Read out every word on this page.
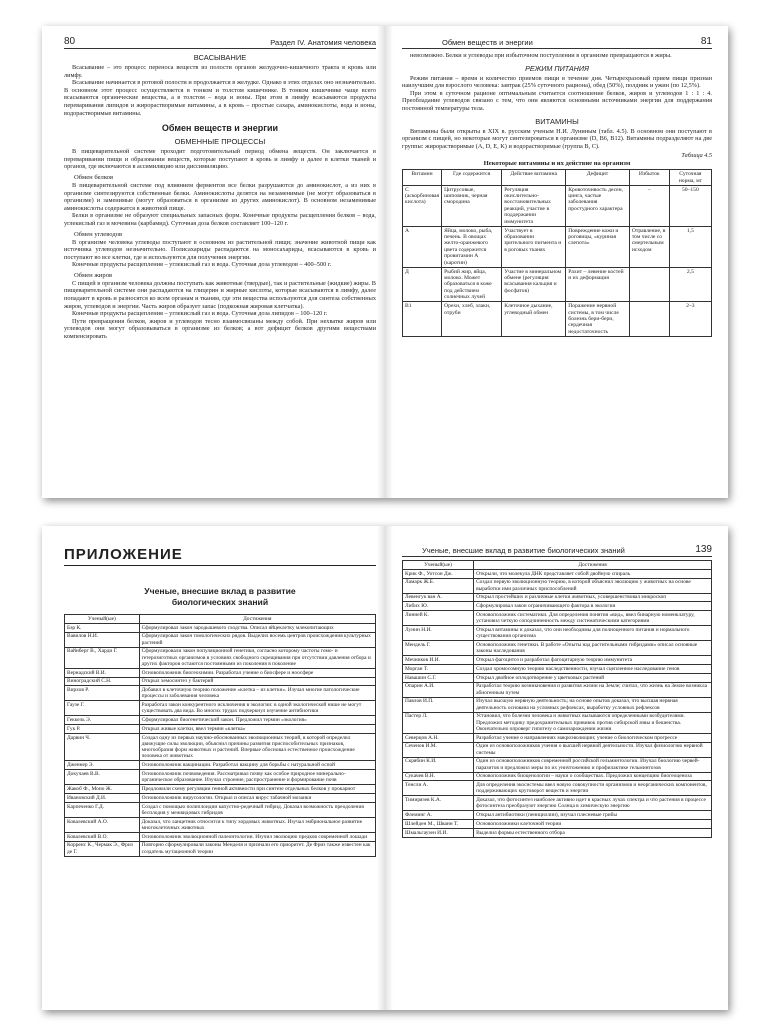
80	Раздел IV. Анатомия человека
ВСАСЫВАНИЕ

Всасывание – это процесс переноса веществ из полости органов желудочно-кишечного тракта в кровь или лимфу.

Всасывание начинается в ротовой полости и продолжается в желудке. Однако в этих отделах оно незначительно. В основном этот процесс осуществляется в тонком и толстом кишечнике. В тонком кишечнике чаще всего всасываются органические вещества, а в толстом – вода и ионы. При этом в лимфу всасываются продукты переваривания липидов и жирорастворимые витамины, а в кровь – простые сахара, аминокислоты, вода и ионы, водорастворимые витамины.

Обмен веществ и энергии
ОБМЕННЫЕ ПРОЦЕССЫ

В пищеварительной системе проходит подготовительный период обмена веществ. Он заключается в переваривании пищи и образовании веществ, которые поступают в кровь и лимфу и далее в клетки тканей и органов, где включаются в ассимиляцию или диссимиляцию.

Обмен белков

В пищеварительной системе под влиянием ферментов все белки разрушаются до аминокислот, а из них в организме синтезируются собственные белки. Аминокислоты делятся на незаменимые (не могут образоваться в организме) и заменимые (могут образоваться в организме из других аминокислот). В основном незаменимые аминокислоты содержатся в животной пище.

Белки в организме не образуют специальных запасных форм. Конечные продукты расщепления белков – вода, углекислый газ и мочевина (карбамид). Суточная доза белков составляет 100–120 г.

Обмен углеводов

В организме человека углеводы поступают в основном из растительной пищи; значение животной пищи как источника углеводов незначительно. Полисахариды распадаются на моносахариды, всасываются в кровь и поступают во все клетки, где и используются для получения энергии.

Конечные продукты расщепления – углекислый газ и вода. Суточная доза углеводов – 400–500 г.

Обмен жиров

С пищей в организм человека должны поступать как животные (твердые), так и растительные (жидкие) жиры. В пищеварительной системе они распадаются на глицерин и жирные кислоты, которые всасываются в лимфу, далее попадают в кровь и разносятся ко всем органам и тканям, где эти вещества используются для синтеза собственных жиров, углеводов и энергии. Часть жиров образует запас (подкожная жировая клетчатка).

Конечные продукты расщепления – углекислый газ и вода. Суточная доза липидов – 100–120 г.

Пути превращения белков, жиров и углеводов тесно взаимосвязаны между собой. При нехватке жиров или углеводов они могут образовываться в организме из белков; а вот дефицит белков другими веществами компенсировать

Обмен веществ и энергии	81

невозможно. Белки и углеводы при избыточном поступлении в организме превращаются в жиры.

РЕЖИМ ПИТАНИЯ

Режим питания – время и количество приемов пищи в течение дня. Четырехразовый прием пищи признан наилучшим для взрослого человека: завтрак (25% суточного рациона), обед (50%), полдник и ужин (по 12,5%).

При этом в суточном рационе оптимальным считается соотношение белков, жиров и углеводов 1 : 1 : 4. Преобладание углеводов связано с тем, что они являются основными источниками энергии для поддержания постоянной температуры тела.

ВИТАМИНЫ

Витамины были открыты в XIX в. русским ученым Н.И. Луниным (табл. 4.5). В основном они поступают в организм с пищей, но некоторые могут синтезироваться в организме (D, B6, B12). Витамины подразделяют на две группы: жирорастворимые (A, D, E, K) и водорастворимые (группа B, C).

Таблица 4.5
Некоторые витамины и их действие на организм
Витамин	Где содержится	Действие витамина	Дефицит	Избыток	Суточная норма, мг
C (аскорбиновая кислота)	Цитрусовые, шиповник, черная смородина	Регуляция окислительно-восстановительных реакций, участие в поддержании иммунитета	Кровоточивость десен, цинга, частые заболевания простудного характера	–	50–150
A	Яйца, молоко, рыба, печень. В овощах желто-оранжевого цвета содержится провитамин A (каротин)	Участвует в образовании зрительного пигмента и в роговых тканях	Повреждение кожи и роговицы, «куриная слепота»	Отравление, в том числе со смертельным исходом	1,5
Д	Рыбий жир, яйца, молоко. Может образоваться в коже под действием солнечных лучей	Участие в минеральном обмене (регуляция всасывания кальция и фосфатов)	Рахит – левение костей и их деформация		2,5
B1	Орехи, хлеб, злаки, отруби	Клеточное дыхание, углеводный обмен	Поражение нервной системы, в том числе болезнь бери-бери, сердечная недостаточность		2–3
ПРИЛОЖЕНИЕ
Ученые, внесшие вклад в развитие биологических знаний
Ученый(ые)	Достижения
Бэр К.	Сформулировал закон зародышевого сходства. Описал яйцеклетку млекопитающих
Вавилов Н.И.	Сформулировал закон гомологических рядов. Выделил восемь центров происхождения культурных растений
Вайнберг В., Харди Г.	Сформулировали закон популяционной генетики, согласно которому частоты гомо- и гетерозиготных организмов в условиях свободного скрещивания при отсутствии давления отбора и других факторов остаются постоянными из поколения в поколение
Вернадский В.И.	Основоположник биогеохимии. Разработал учение о биосфере и ноосфере
Виноградский С.Н.	Открыл хемосинтез у бактерий
Вирхов Р.	Добавил в клеточную теорию положение «клетка – из клетки». Изучал многие патологические процессы и заболевания человека
Гаузе Г.	Разработал закон конкурентного исключения в экологии: в одной экологической нише не могут существовать два вида. Во многих трудах подчеркнул изучение антибиотики
Геккель Э.	Сформулировал биогенетический закон. Предложил термин «экология»
Гук Р.	Открыл живые клетки, ввел термин «клетка»
Дарвин Ч.	Создал одну из первых научно-обоснованных эволюционных теорий, в которой определил движущие силы эволюции, объяснил причины развития приспособительных признаков, многообразия форм животных и растений. Впервые обосновал естественное происхождение человека от животных
Дженнер Э.	Основоположник вакцинации. Разработал вакцину для борьбы с натуральной оспой
Докучаев В.В.	Основоположник почвоведения. Рассматривал почву как особое природное минерально-органическое образование. Изучал строение, распространение и формирование почв
Жакоб Ф., Моно Ж.	Предложили схему регуляции генной активности при синтезе отдельных белков у прокариот
Ивановский Д.И.	Основоположник вирусологии. Открыл и описал вирус табачной мозаики
Карпеченко Г.Д.	Создал с помощью полиплоидии капустно-редечный гибрид. Доказал возможность преодоления бесплодия у межвидовых гибридов
Ковалевский А.О.	Доказал, что ланцетник относится к типу хордовых животных. Изучал эмбриональное развитие многоклеточных животных
Ковалевский В.О.	Основоположник эволюционной палеонтологии. Изучил эволюцию предков современной лошади
Корренс К., Чермак Э., Фриз де Г.	Повторно сформулировали законы Менделя и признали его приоритет. Де Фриз также известен как создатель мутационной теории
Ученые, внесшие вклад в развитие биологических знаний	139
Ученый(ые)	Достижения
Крик Ф., Уотсон Дж.	Открыли, что молекула ДНК представляет собой двойную спираль
Ламарк Ж.Б.	Создал первую эволюционную теорию, в которой объяснил эволюцию у животных на основе выработки ими различных приспособлений
Левенгук ван А.	Открыл простейших и различные клетки животных, усовершенствовал микроскоп
Либих Ю.	Сформулировал закон ограничивающего фактора в экологии
Линней К.	Основоположник систематики. Для определения понятия «вид», ввел бинарную номенклатуру, установил четкую соподчиненность между систематическими категориями
Лунин Н.И.	Открыл витамины и доказал, что они необходимы для полноценного питания и нормального существования организма
Мендель Г.	Основоположник генетики. В работе «Опыты над растительными гибридами» описал основные законы наследования
Мечников И.И.	Открыл фагоцитоз и разработал фагоцитарную теорию иммунитета
Морган Т.	Создал хромосомную теорию наследственности, изучал сцепленное наследование генов
Навашин С.Г.	Открыл двойное оплодотворение у цветковых растений
Опарин А.И.	Разработал теорию возникновения и развития жизни на Земле; считал, что жизнь на Земле возникла абиогенным путем
Павлов И.П.	Изучал высшую нервную деятельность; на основе опытов доказал, что высшая нервная деятельность основана на условных рефлексах, выработку условных рефлексов
Пастер Л.	Установил, что болезни человека и животных вызываются определенными возбудителями. Предложил методику предохранительных прививок против сибирской язвы и бешенства. Окончательно опроверг гипотезу о самозарождении жизни
Северцов А.Н.	Разработал учение о направлениях макроэволюции; учение о биологическом прогрессе
Сеченов И.М.	Один из основоположников учения о высшей нервной деятельности. Изучал физиологию нервной системы
Скрябин К.И.	Один из основоположников современной российской гельминтологии. Изучал биологию червей-паразитов и предложил меры по их уничтожению и профилактике гельминтозов
Сукачев В.Н.	Основоположник биоценологии – науки о сообществах. Предложил концепцию биогеоценоза
Тенсли А.	Для определения экосистемы ввел новую совокупности организмов и неорганических компонентов, поддерживающих круговорот веществ и энергии
Тимирязев К.А.	Доказал, что фотосинтез наиболее активно идет в красных лучах спектра и что растения в процессе фотосинтеза преобразуют энергию Солнца в химическую энергию
Флеминг А.	Открыл антибиотики (пенициллин), изучал плесневые грибы
Шлейден М., Шванн Т.	Основоположники клеточной теории
Шмальгаузен И.И.	Выделил формы естественного отбора
